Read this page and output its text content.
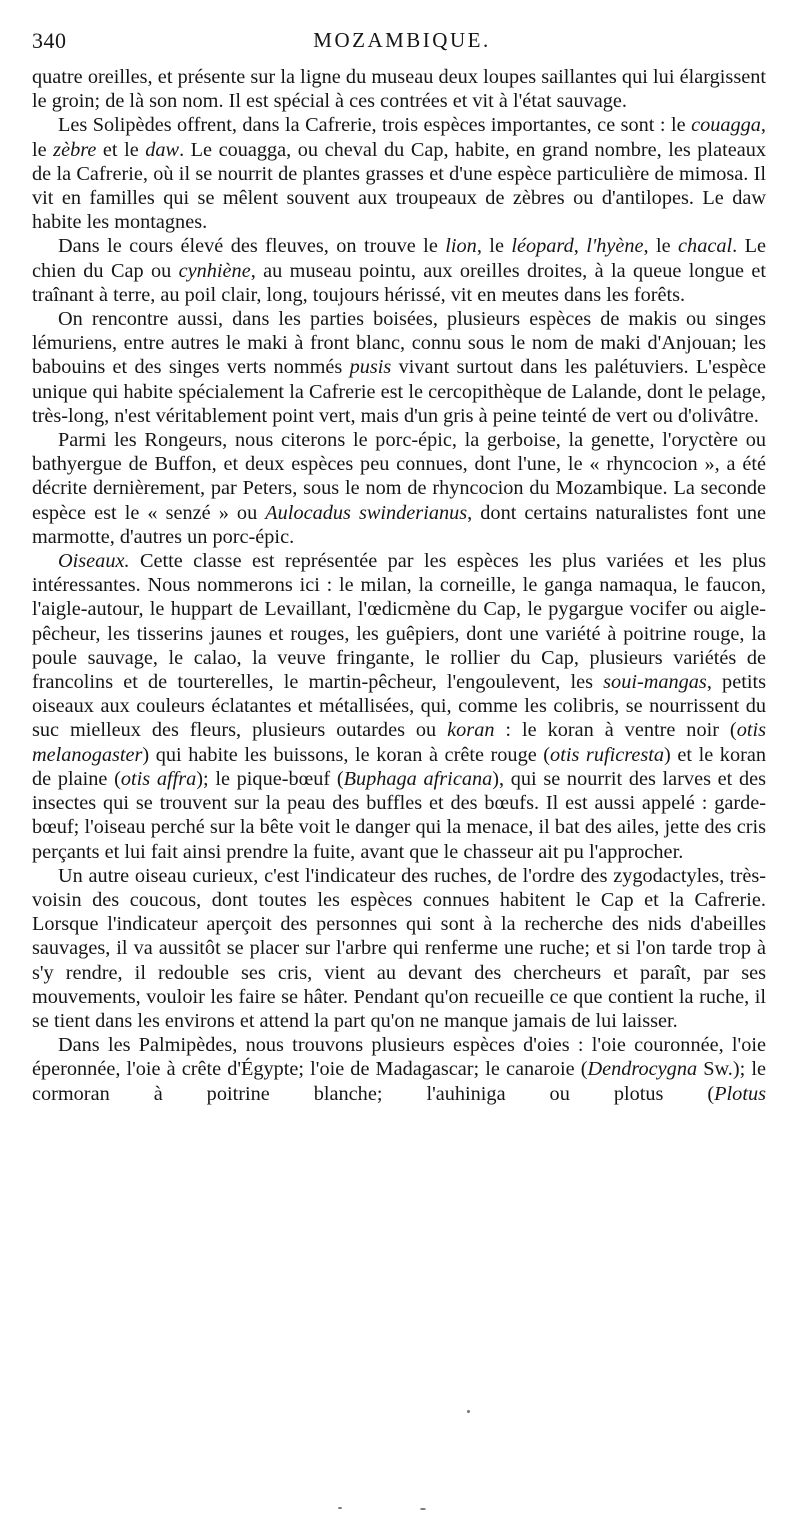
340	MOZAMBIQUE.

quatre oreilles, et présente sur la ligne du museau deux loupes saillantes qui lui élargissent le groin; de là son nom. Il est spécial à ces contrées et vit à l'état sauvage.

Les Solipèdes offrent, dans la Cafrerie, trois espèces importantes, ce sont : le couagga, le zèbre et le daw. Le couagga, ou cheval du Cap, habite, en grand nombre, les plateaux de la Cafrerie, où il se nourrit de plantes grasses et d'une espèce particulière de mimosa. Il vit en familles qui se mêlent souvent aux troupeaux de zèbres ou d'antilopes. Le daw habite les montagnes.

Dans le cours élevé des fleuves, on trouve le lion, le léopard, l'hyène, le chacal. Le chien du Cap ou cynhiène, au museau pointu, aux oreilles droites, à la queue longue et traînant à terre, au poil clair, long, toujours hérissé, vit en meutes dans les forêts.

On rencontre aussi, dans les parties boisées, plusieurs espèces de makis ou singes lémuriens, entre autres le maki à front blanc, connu sous le nom de maki d'Anjouan; les babouins et des singes verts nommés pusis vivant surtout dans les palétuviers. L'espèce unique qui habite spécialement la Cafrerie est le cercopithèque de Lalande, dont le pelage, très-long, n'est véritablement point vert, mais d'un gris à peine teinté de vert ou d'olivâtre.

Parmi les Rongeurs, nous citerons le porc-épic, la gerboise, la genette, l'oryctère ou bathyergue de Buffon, et deux espèces peu connues, dont l'une, le « rhyncocion », a été décrite dernièrement, par Peters, sous le nom de rhyncocion du Mozambique. La seconde espèce est le « senzé » ou Aulocadus swinderianus, dont certains naturalistes font une marmotte, d'autres un porc-épic.

Oiseaux. Cette classe est représentée par les espèces les plus variées et les plus intéressantes. Nous nommerons ici : le milan, la corneille, le ganga namaqua, le faucon, l'aigle-autour, le huppart de Levaillant, l'œdicmène du Cap, le pygargue vocifer ou aigle-pêcheur, les tisserins jaunes et rouges, les guêpiers, dont une variété à poitrine rouge, la poule sauvage, le calao, la veuve fringante, le rollier du Cap, plusieurs variétés de francolins et de tourterelles, le martin-pêcheur, l'engoulevent, les soui-mangas, petits oiseaux aux couleurs éclatantes et métallisées, qui, comme les colibris, se nourrissent du suc mielleux des fleurs, plusieurs outardes ou koran : le koran à ventre noir (otis melanogaster) qui habite les buissons, le koran à crête rouge (otis ruficresta) et le koran de plaine (otis affra); le pique-bœuf (Buphaga africana), qui se nourrit des larves et des insectes qui se trouvent sur la peau des buffles et des bœufs. Il est aussi appelé : garde-bœuf; l'oiseau perché sur la bête voit le danger qui la menace, il bat des ailes, jette des cris perçants et lui fait ainsi prendre la fuite, avant que le chasseur ait pu l'approcher.

Un autre oiseau curieux, c'est l'indicateur des ruches, de l'ordre des zygodactyles, très-voisin des coucous, dont toutes les espèces connues habitent le Cap et la Cafrerie. Lorsque l'indicateur aperçoit des personnes qui sont à la recherche des nids d'abeilles sauvages, il va aussitôt se placer sur l'arbre qui renferme une ruche; et si l'on tarde trop à s'y rendre, il redouble ses cris, vient au devant des chercheurs et paraît, par ses mouvements, vouloir les faire se hâter. Pendant qu'on recueille ce que contient la ruche, il se tient dans les environs et attend la part qu'on ne manque jamais de lui laisser.

Dans les Palmipèdes, nous trouvons plusieurs espèces d'oies : l'oie couronnée, l'oie éperonnée, l'oie à crête d'Égypte; l'oie de Madagascar; le canaroie (Dendrocygna Sw.); le cormoran à poitrine blanche; l'auhiniga ou plotus (Plotus
